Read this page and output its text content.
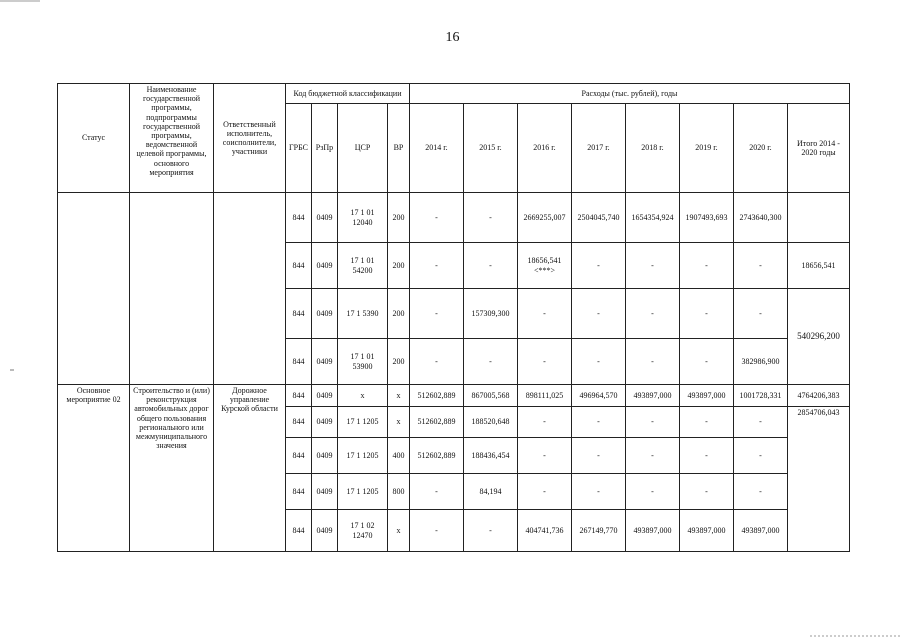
16
Статус	Наименование государственной программы, подпрограммы государственной программы, ведомственной целевой программы, основного мероприятия	Ответственный исполнитель, соисполнители, участники	Код бюджетной классификации				Расходы (тыс. рублей), годы							
			ГРБС	РзПр	ЦСР	ВР	2014 г.	2015 г.	2016 г.	2017 г.	2018 г.	2019 г.	2020 г.	Итого 2014 - 2020 годы
			844	0409	17 1 01 12040	200	-	-	2669255,007	2504045,740	1654354,924	1907493,693	2743640,300	
			844	0409	17 1 01 54200	200	-	-	18656,541 <***>	-	-	-	-	18656,541
			844	0409	17 1 5390	200	-	157309,300	-	-	-	-	-	540296,200
			844	0409	17 1 01 53900	200	-	-	-	-	-	-	382986,900	
Основное мероприятие 02	Строительство и (или) реконструкция автомобильных дорог общего пользования регионального или межмуниципального значения	Дорожное управление Курской области	844	0409	x	x	512602,889	867005,568	898111,025	496964,570	493897,000	493897,000	1001728,331	4764206,383
			844	0409	17 1 1205	x	512602,889	188520,648	-	-	-	-	-	2854706,043
			844	0409	17 1 1205	400	512602,889	188436,454	-	-	-	-	-	
			844	0409	17 1 1205	800	-	84,194	-	-	-	-	-	
			844	0409	17 1 02 12470	x	-	-	404741,736	267149,770	493897,000	493897,000	493897,000	
